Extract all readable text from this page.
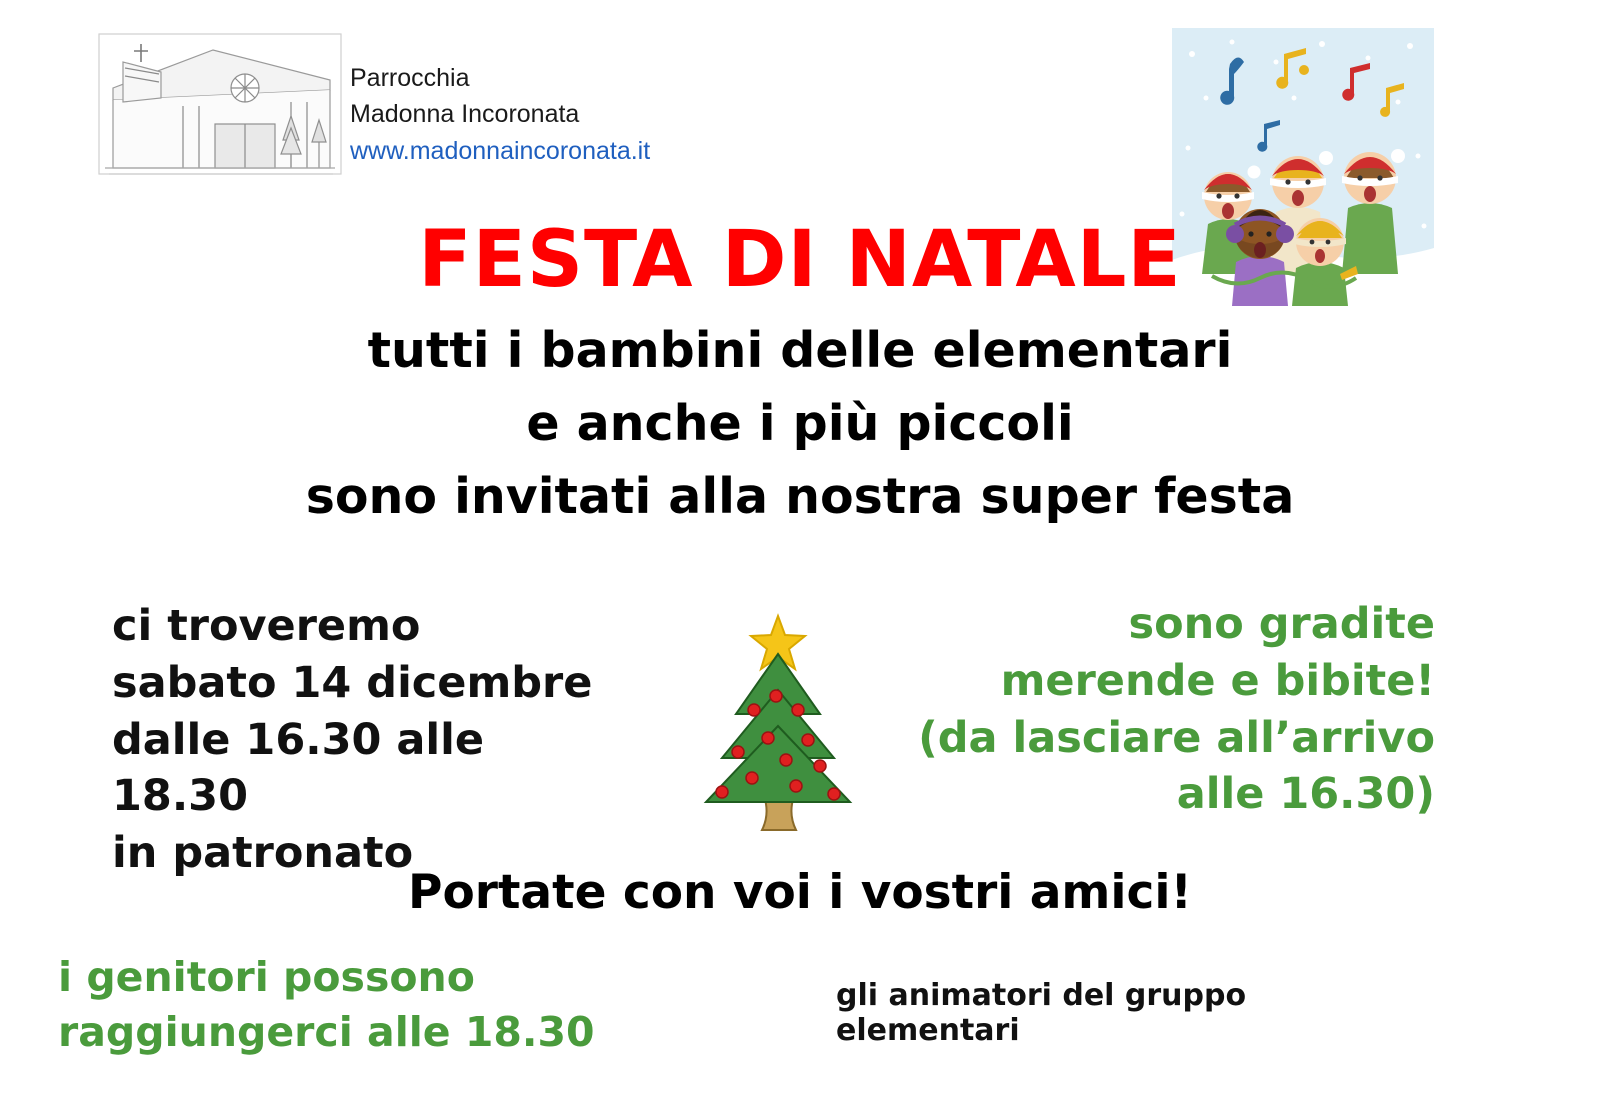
Parrocchia
Madonna Incoronata
www.madonnaincoronata.it
FESTA DI NATALE
tutti i bambini delle elementari
e anche i più piccoli
sono invitati alla nostra super festa
ci troveremo
sabato 14 dicembre
dalle 16.30 alle 18.30
in patronato
sono gradite
merende e bibite!
(da lasciare all’arrivo
alle 16.30)
Portate con voi i vostri amici!
i genitori possono
raggiungerci alle 18.30
gli animatori del gruppo elementari
